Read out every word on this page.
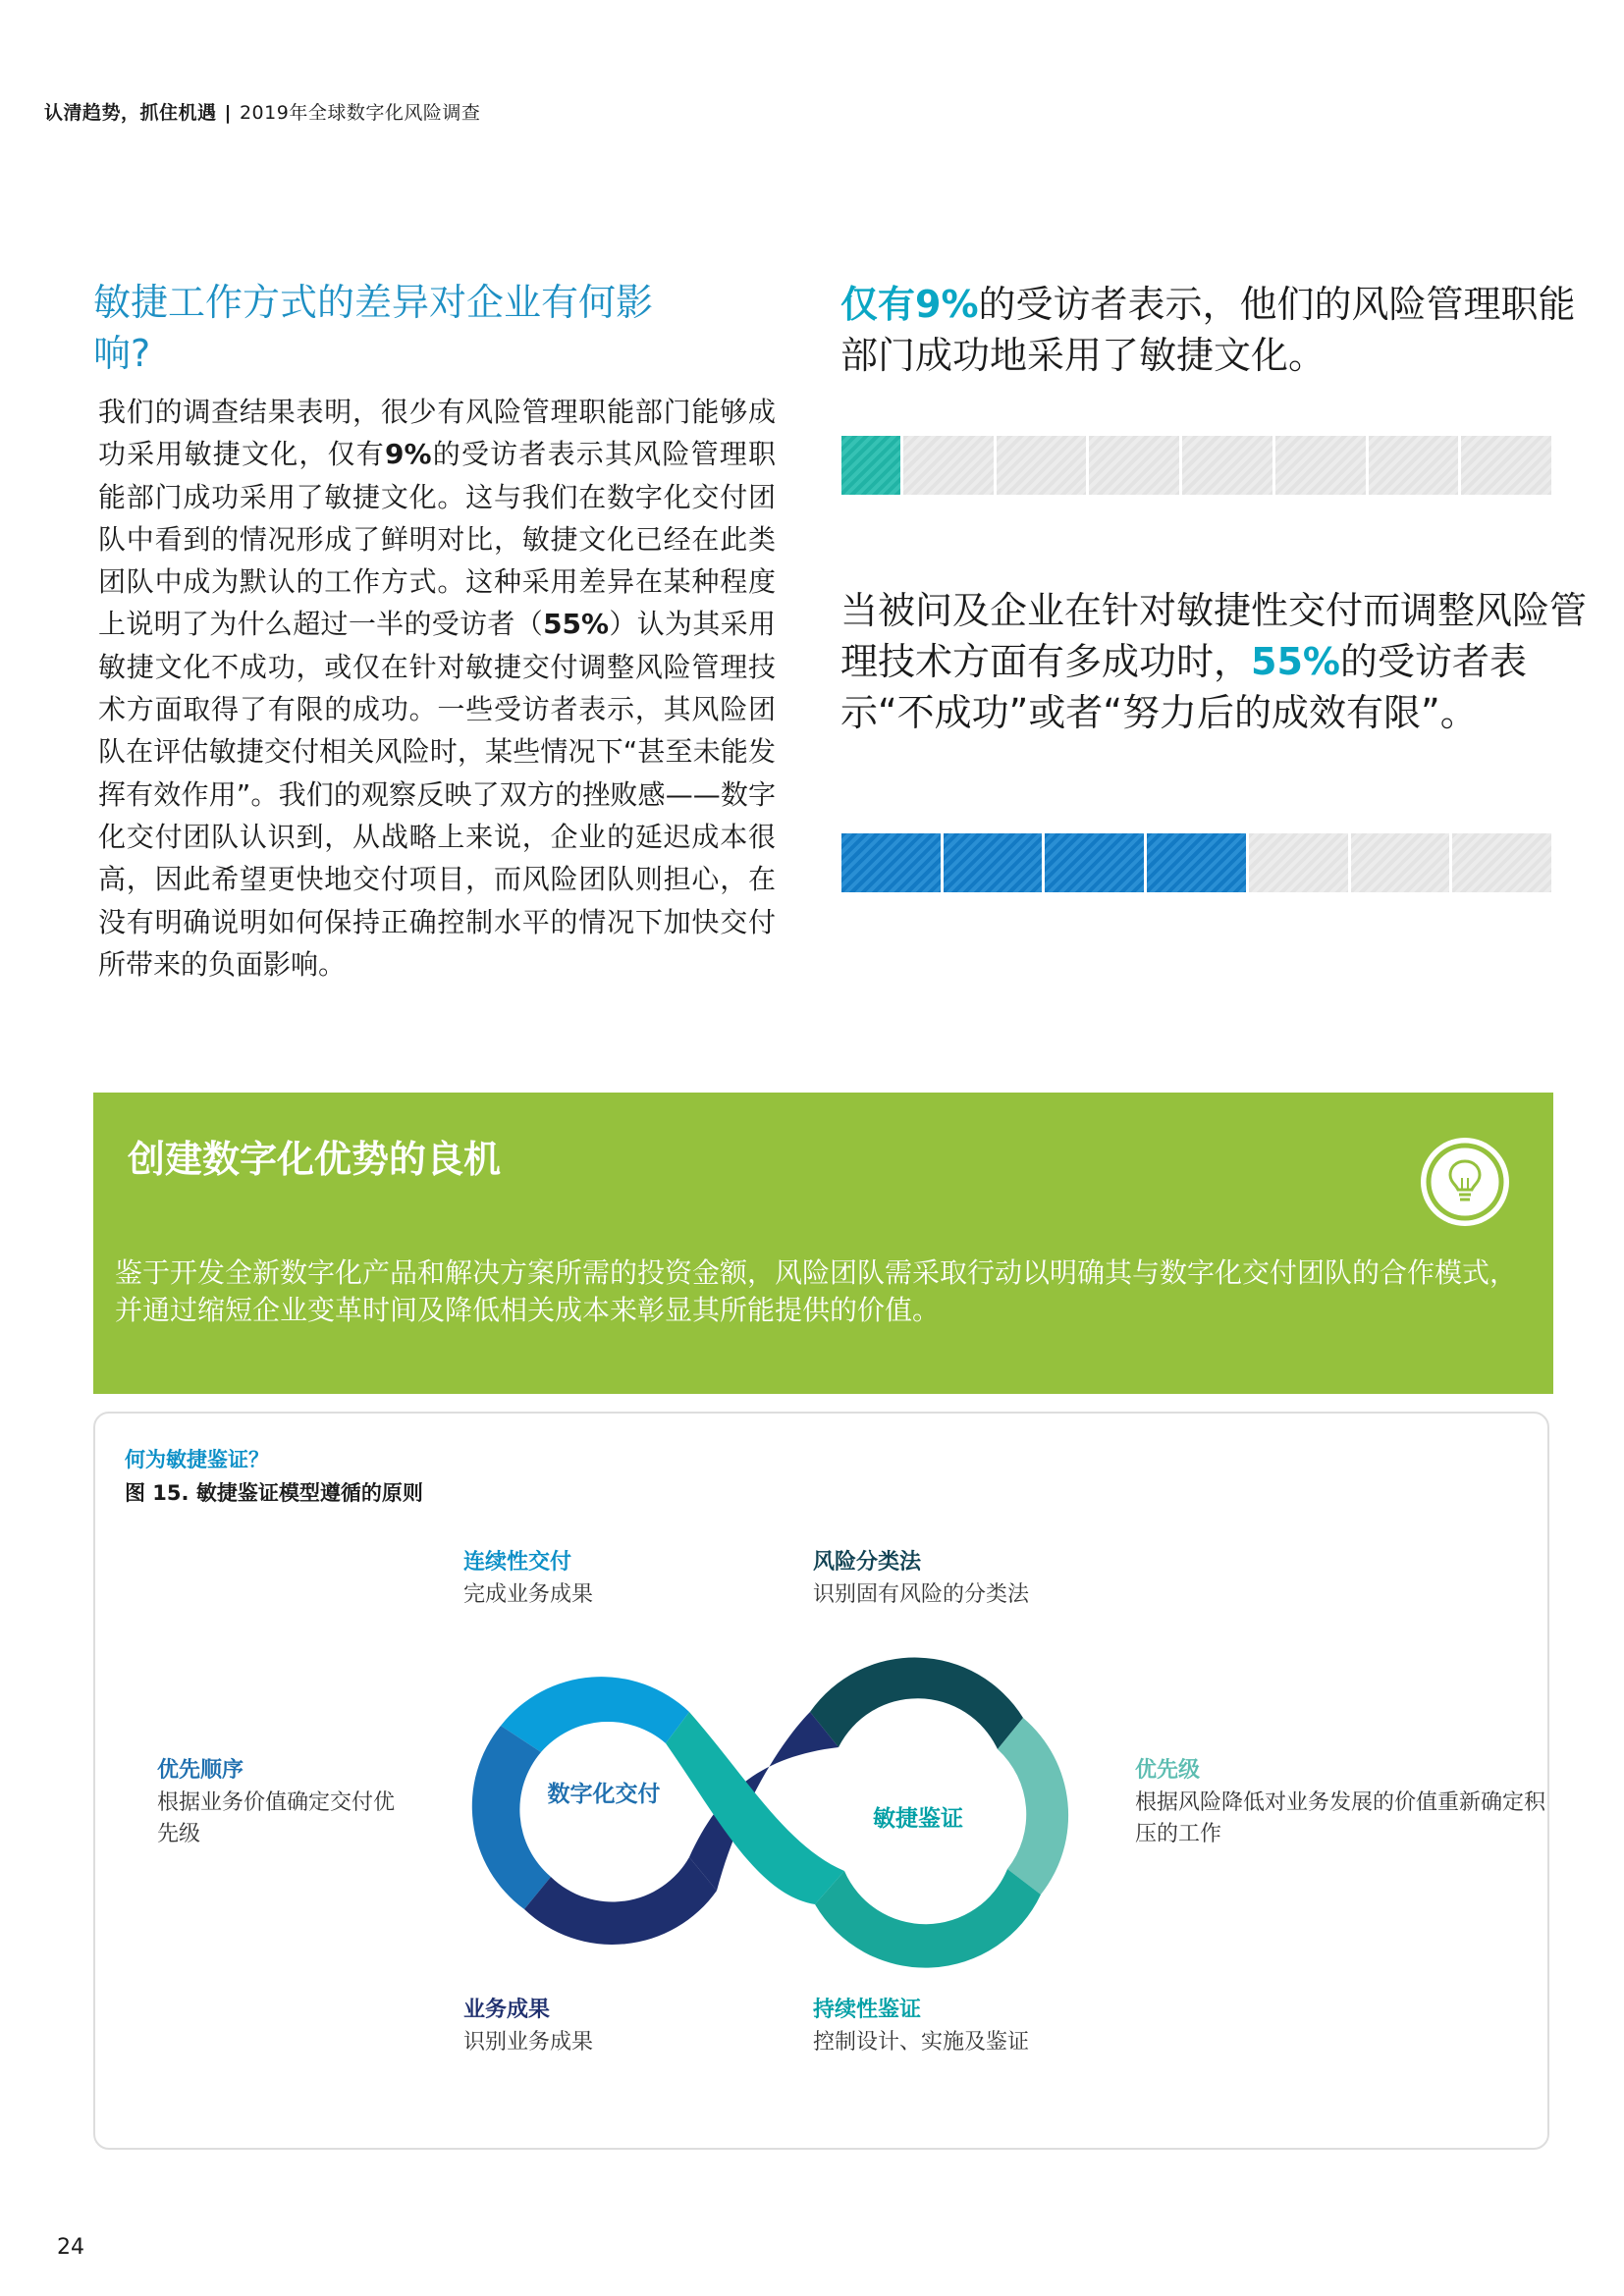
认清趋势，抓住机遇 | 2019年全球数字化风险调查
敏捷工作方式的差异对企业有何影
响?
我们的调查结果表明，很少有风险管理职能部门能够成功采用敏捷文化，仅有9%的受访者表示其风险管理职能部门成功采用了敏捷文化。这与我们在数字化交付团队中看到的情况形成了鲜明对比，敏捷文化已经在此类团队中成为默认的工作方式。这种采用差异在某种程度上说明了为什么超过一半的受访者（55%）认为其采用敏捷文化不成功，或仅在针对敏捷交付调整风险管理技术方面取得了有限的成功。一些受访者表示，其风险团队在评估敏捷交付相关风险时，某些情况下“甚至未能发挥有效作用”。我们的观察反映了双方的挫败感——数字化交付团队认识到，从战略上来说，企业的延迟成本很高，因此希望更快地交付项目，而风险团队则担心，在没有明确说明如何保持正确控制水平的情况下加快交付所带来的负面影响。
仅有9%的受访者表示，他们的风险管理职能部门成功地采用了敏捷文化。
当被问及企业在针对敏捷性交付而调整风险管理技术方面有多成功时，55%的受访者表示“不成功”或者“努力后的成效有限”。
创建数字化优势的良机
鉴于开发全新数字化产品和解决方案所需的投资金额，风险团队需采取行动以明确其与数字化交付团队的合作模式，并通过缩短企业变革时间及降低相关成本来彰显其所能提供的价值。
何为敏捷鉴证？
图 15. 敏捷鉴证模型遵循的原则
数字化交付
敏捷鉴证
连续性交付
完成业务成果
风险分类法
识别固有风险的分类法
优先顺序
根据业务价值确定交付优先级
优先级
根据风险降低对业务发展的价值重新确定积压的工作
业务成果
识别业务成果
持续性鉴证
控制设计、实施及鉴证
24
